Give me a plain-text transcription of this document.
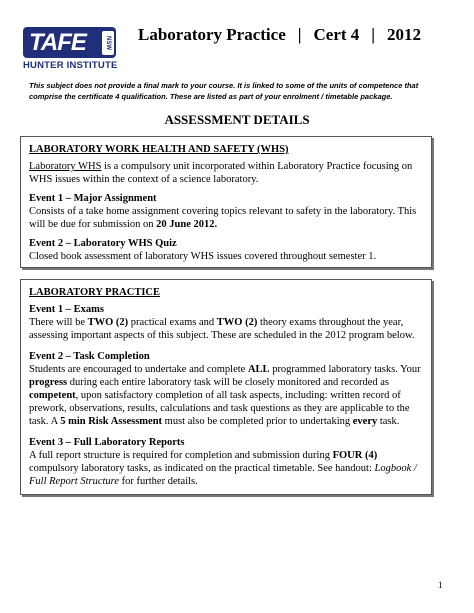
TAFE	NSW
HUNTER INSTITUTE
Laboratory Practice | Cert 4 | 2012
This subject does not provide a final mark to your course. It is linked to some of the units of competence that comprise the certificate 4 qualification. These are listed as part of your enrolment / timetable package.
ASSESSMENT DETAILS
LABORATORY WORK HEALTH AND SAFETY (WHS)
Laboratory WHS is a compulsory unit incorporated within Laboratory Practice focusing on WHS issues within the context of a science laboratory.
Event 1 – Major Assignment
Consists of a take home assignment covering topics relevant to safety in the laboratory. This will be due for submission on 20 June 2012.
Event 2 – Laboratory WHS Quiz
Closed book assessment of laboratory WHS issues covered throughout semester 1.
LABORATORY PRACTICE
Event 1 – Exams
There will be TWO (2) practical exams and TWO (2) theory exams throughout the year, assessing important aspects of this subject. These are scheduled in the 2012 program below.
Event 2 – Task Completion
Students are encouraged to undertake and complete ALL programmed laboratory tasks. Your progress during each entire laboratory task will be closely monitored and recorded as competent, upon satisfactory completion of all task aspects, including: written record of prework, observations, results, calculations and task questions as they are applicable to the task. A 5 min Risk Assessment must also be completed prior to undertaking every task.
Event 3 – Full Laboratory Reports
A full report structure is required for completion and submission during FOUR (4) compulsory laboratory tasks, as indicated on the practical timetable. See handout: Logbook / Full Report Structure for further details.
1
